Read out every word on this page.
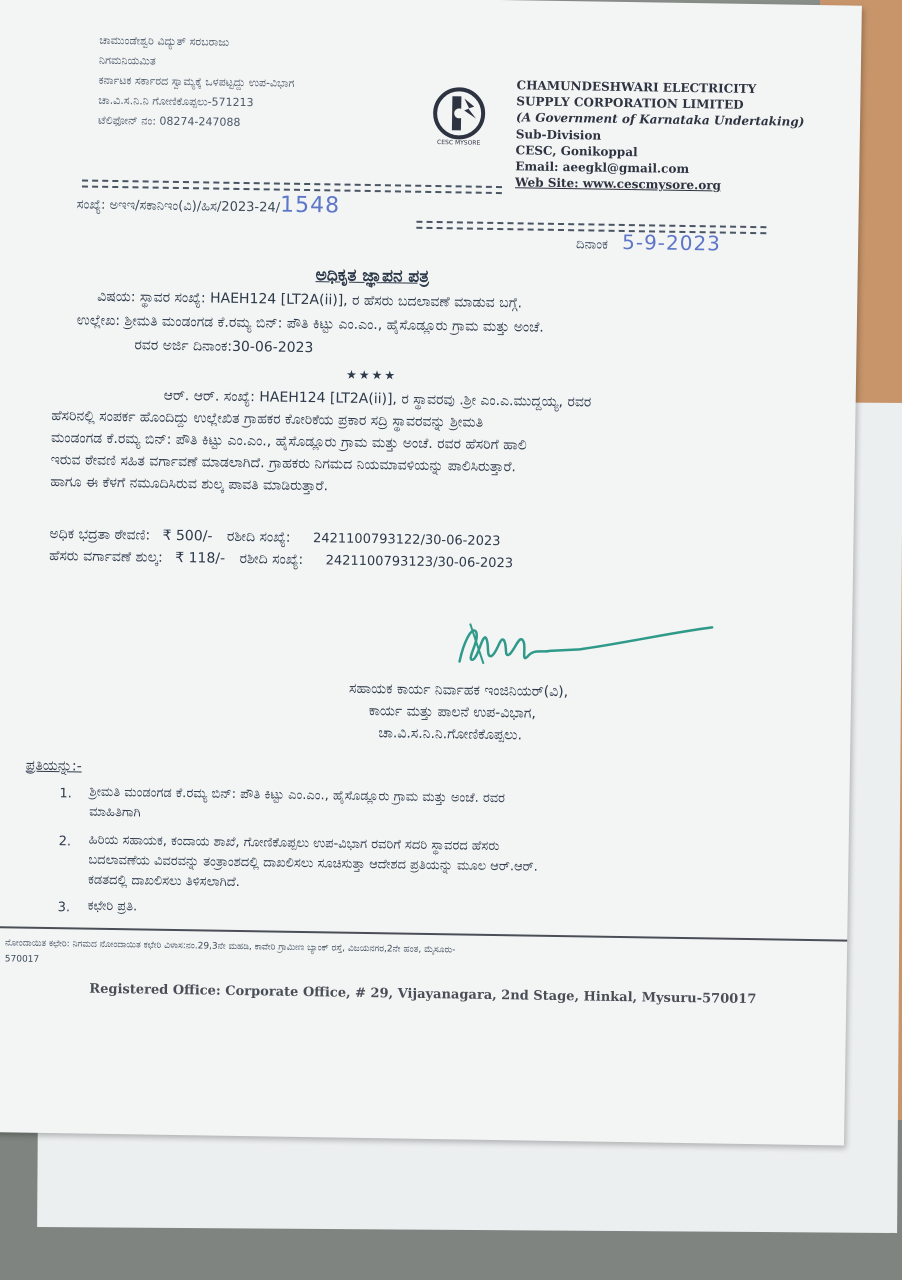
ಚಾಮುಂಡೇಶ್ವರಿ ವಿದ್ಯುತ್ ಸರಬರಾಜು
ನಿಗಮನಿಯಮಿತ
ಕರ್ನಾಟಕ ಸರ್ಕಾರದ ಸ್ವಾಮ್ಯಕ್ಕೆ ಒಳಪಟ್ಟದ್ದು ಉಪ-ವಿಭಾಗ
ಚಾ.ವಿ.ಸ.ನಿ.ನಿ ಗೋಣಿಕೊಪ್ಪಲು-571213
ಟೆಲಿಫೋನ್ ನಂ: 08274-247088
CESC MYSORE
CHAMUNDESHWARI ELECTRICITY
SUPPLY CORPORATION LIMITED
(A Government of Karnataka Undertaking)
Sub-Division
CESC, Gonikoppal
Email: aeegkl@gmail.com
Web Site: www.cescmysore.org
ಸಂಖ್ಯೆ: ಅಇಇ/ಸಕಾನಿಇಂ(ವಿ)/ಹಿಸ/2023-24/1548
ದಿನಾಂಕ 5-9-2023
ಅಧಿಕೃತ ಜ್ಞಾಪನ ಪತ್ರ
ವಿಷಯ: ಸ್ಥಾವರ ಸಂಖ್ಯೆ: HAEH124 [LT2A(ii)], ರ ಹೆಸರು ಬದಲಾವಣೆ ಮಾಡುವ ಬಗ್ಗೆ.
ಉಲ್ಲೇಖ: ಶ್ರೀಮತಿ ಮಂಡಂಗಡ ಕೆ.ರಮ್ಯ ಬಿನ್: ಪೌತಿ ಕಿಟ್ಟು ಎಂ.ಎಂ., ಹೈಸೊಡ್ಲೂರು ಗ್ರಾಮ ಮತ್ತು ಅಂಚೆ.
ರವರ ಅರ್ಜಿ ದಿನಾಂಕ:30-06-2023
★★★★
ಆರ್. ಆರ್. ಸಂಖ್ಯೆ: HAEH124 [LT2A(ii)], ರ ಸ್ಥಾವರವು .ಶ್ರೀ ಎಂ.ಎ.ಮುದ್ದಯ್ಯ, ರವರ
ಹೆಸರಿನಲ್ಲಿ ಸಂಪರ್ಕ ಹೊಂದಿದ್ದು ಉಲ್ಲೇಖಿತ ಗ್ರಾಹಕರ ಕೋರಿಕೆಯ ಪ್ರಕಾರ ಸದ್ರಿ ಸ್ಥಾವರವನ್ನು ಶ್ರೀಮತಿ
ಮಂಡಂಗಡ ಕೆ.ರಮ್ಯ ಬಿನ್: ಪೌತಿ ಕಿಟ್ಟು ಎಂ.ಎಂ., ಹೈಸೊಡ್ಲೂರು ಗ್ರಾಮ ಮತ್ತು ಅಂಚೆ. ರವರ ಹೆಸರಿಗೆ ಹಾಲಿ
ಇರುವ ಠೇವಣಿ ಸಹಿತ ವರ್ಗಾವಣೆ ಮಾಡಲಾಗಿದೆ. ಗ್ರಾಹಕರು ನಿಗಮದ ನಿಯಮಾವಳಿಯನ್ನು ಪಾಲಿಸಿರುತ್ತಾರೆ.
ಹಾಗೂ ಈ ಕೆಳಗೆ ನಮೂದಿಸಿರುವ ಶುಲ್ಕ ಪಾವತಿ ಮಾಡಿರುತ್ತಾರೆ.
ಅಧಿಕ ಭದ್ರತಾ ಠೇವಣಿ: ₹ 500/- ರಶೀದಿ ಸಂಖ್ಯೆ: 2421100793122/30-06-2023
ಹೆಸರು ವರ್ಗಾವಣೆ ಶುಲ್ಕ: ₹ 118/- ರಶೀದಿ ಸಂಖ್ಯೆ: 2421100793123/30-06-2023
ಸಹಾಯಕ ಕಾರ್ಯ ನಿರ್ವಾಹಕ ಇಂಜಿನಿಯರ್(ವಿ),
ಕಾರ್ಯ ಮತ್ತು ಪಾಲನೆ ಉಪ-ವಿಭಾಗ,
ಚಾ.ವಿ.ಸ.ನಿ.ನಿ.ಗೋಣಿಕೊಪ್ಪಲು.
ಪ್ರತಿಯನ್ನು:-
1. ಶ್ರೀಮತಿ ಮಂಡಂಗಡ ಕೆ.ರಮ್ಯ ಬಿನ್: ಪೌತಿ ಕಿಟ್ಟು ಎಂ.ಎಂ., ಹೈಸೊಡ್ಲೂರು ಗ್ರಾಮ ಮತ್ತು ಅಂಚೆ. ರವರ
ಮಾಹಿತಿಗಾಗಿ
2. ಹಿರಿಯ ಸಹಾಯಕ, ಕಂದಾಯ ಶಾಖೆ, ಗೋಣಿಕೊಪ್ಪಲು ಉಪ-ವಿಭಾಗ ರವರಿಗೆ ಸದರಿ ಸ್ಥಾವರದ ಹೆಸರು
ಬದಲಾವಣೆಯ ವಿವರವನ್ನು ತಂತ್ರಾಂಶದಲ್ಲಿ ದಾಖಲಿಸಲು ಸೂಚಿಸುತ್ತಾ ಆದೇಶದ ಪ್ರತಿಯನ್ನು ಮೂಲ ಆರ್.ಆರ್.
ಕಡತದಲ್ಲಿ ದಾಖಲಿಸಲು ತಿಳಿಸಲಾಗಿದೆ.
3. ಕಛೇರಿ ಪ್ರತಿ.
ನೋಂದಾಯಿತ ಕಛೇರಿ: ನಿಗಮದ ನೋಂದಾಯಿತ ಕಛೇರಿ ವಿಳಾಸ:ನಂ.29,3ನೇ ಮಹಡಿ, ಕಾವೇರಿ ಗ್ರಾಮೀಣ ಬ್ಯಾಂಕ್ ರಸ್ತೆ, ವಿಜಯನಗರ,2ನೇ ಹಂತ, ಮೈಸೂರು-
570017
Registered Office: Corporate Office, # 29, Vijayanagara, 2nd Stage, Hinkal, Mysuru-570017
